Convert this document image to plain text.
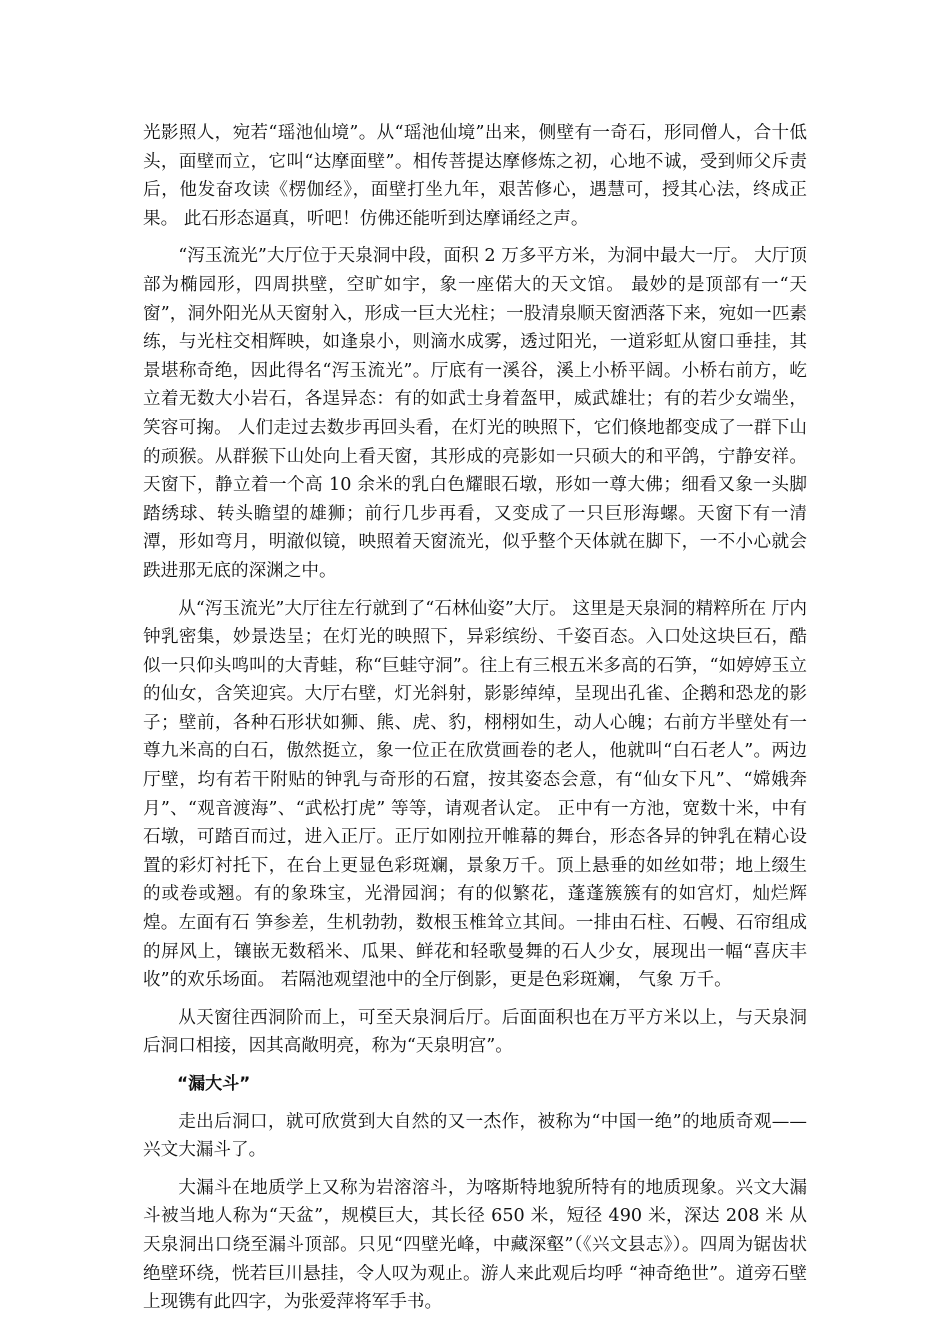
光影照人，宛若“瑶池仙境”。从“瑶池仙境”出来，侧壁有一奇石，形同僧人，合十低头，面壁而立，它叫“达摩面壁”。相传菩提达摩修炼之初，心地不诚，受到师父斥责后，他发奋攻读《楞伽经》，面壁打坐九年，艰苦修心，遇慧可，授其心法，终成正果。 此石形态逼真，听吧！仿佛还能听到达摩诵经之声。

“泻玉流光”大厅位于天泉洞中段，面积 2 万多平方米，为洞中最大一厅。 大厅顶部为椭园形，四周拱壁，空旷如宇，象一座偌大的天文馆。 最妙的是顶部有一“天窗”，洞外阳光从天窗射入，形成一巨大光柱；一股清泉顺天窗洒落下来，宛如一匹素练，与光柱交相辉映，如逢泉小，则滴水成雾，透过阳光，一道彩虹从窗口垂挂，其景堪称奇绝，因此得名“泻玉流光”。厅底有一溪谷，溪上小桥平阔。小桥右前方，屹立着无数大小岩石，各逞异态：有的如武士身着盔甲，威武雄壮；有的若少女端坐，笑容可掬。 人们走过去数步再回头看，在灯光的映照下，它们倏地都变成了一群下山的顽猴。从群猴下山处向上看天窗，其形成的亮影如一只硕大的和平鸽，宁静安祥。天窗下，静立着一个高 10 余米的乳白色耀眼石墩，形如一尊大佛；细看又象一头脚踏绣球、转头瞻望的雄狮；前行几步再看，又变成了一只巨形海螺。天窗下有一清潭，形如弯月，明澈似镜，映照着天窗流光，似乎整个天体就在脚下，一不小心就会跌进那无底的深渊之中。

从“泻玉流光”大厅往左行就到了“石林仙姿”大厅。 这里是天泉洞的精粹所在 厅内钟乳密集，妙景迭呈；在灯光的映照下，异彩缤纷、千姿百态。入口处这块巨石，酷似一只仰头鸣叫的大青蛙，称“巨蛙守洞”。往上有三根五米多高的石笋，“如婷婷玉立的仙女，含笑迎宾。大厅右壁，灯光斜射，影影绰绰，呈现出孔雀、企鹅和恐龙的影子；壁前，各种石形状如狮、熊、虎、豹，栩栩如生，动人心魄；右前方半壁处有一尊九米高的白石，傲然挺立，象一位正在欣赏画卷的老人，他就叫“白石老人”。两边厅壁，均有若干附贴的钟乳与奇形的石窟，按其姿态会意，有“仙女下凡”、“嫦娥奔月”、“观音渡海”、“武松打虎” 等等，请观者认定。 正中有一方池，宽数十米，中有石墩，可踏百而过，进入正厅。正厅如刚拉开帷幕的舞台，形态各异的钟乳在精心设置的彩灯衬托下，在台上更显色彩斑斓，景象万千。顶上悬垂的如丝如带；地上缀生的或卷或翘。有的象珠宝，光滑园润；有的似繁花，蓬蓬簇簇有的如宫灯，灿烂辉煌。左面有石 笋参差，生机勃勃，数根玉椎耸立其间。一排由石柱、石幔、石帘组成的屏风上，镶嵌无数稻米、瓜果、鲜花和轻歌曼舞的石人少女，展现出一幅“喜庆丰收”的欢乐场面。 若隔池观望池中的全厅倒影，更是色彩斑斓， 气象 万千。

从天窗往西洞阶而上，可至天泉洞后厅。后面面积也在万平方米以上，与天泉洞后洞口相接，因其高敞明亮，称为“天泉明宫”。

“漏大斗”

走出后洞口，就可欣赏到大自然的又一杰作，被称为“中国一绝”的地质奇观——兴文大漏斗了。

大漏斗在地质学上又称为岩溶溶斗，为喀斯特地貌所特有的地质现象。兴文大漏斗被当地人称为“天盆”，规模巨大，其长径 650 米，短径 490 米，深达 208 米 从天泉洞出口绕至漏斗顶部。只见“四壁光峰，中藏深壑”（《兴文县志》）。四周为锯齿状绝壁环绕，恍若巨川悬挂，令人叹为观止。游人来此观后均呼 “神奇绝世”。道旁石壁上现镌有此四字，为张爱萍将军手书。
